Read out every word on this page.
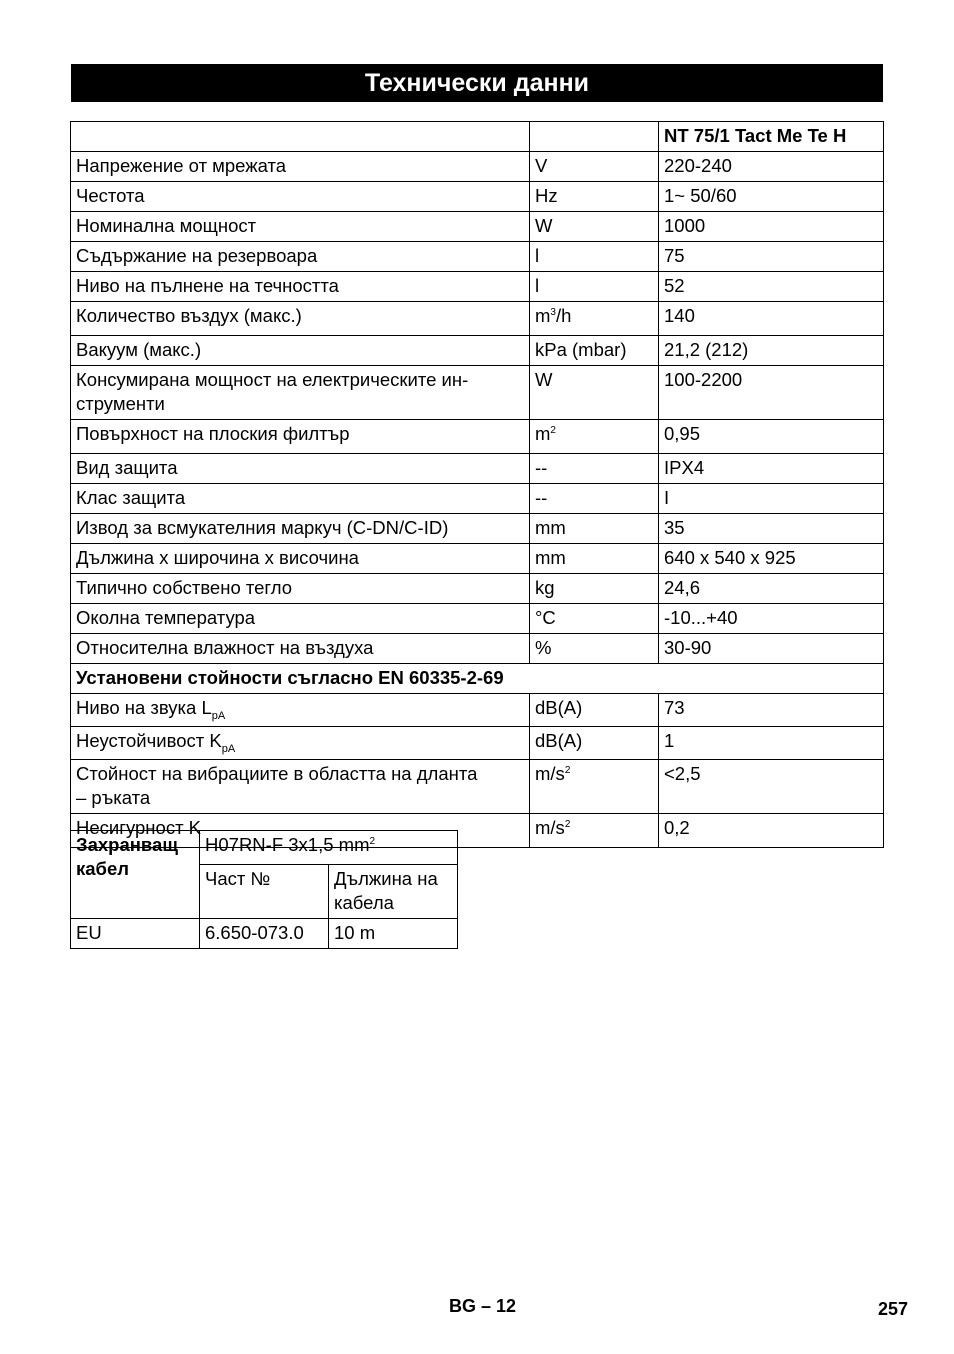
Технически данни
		NT 75/1 Tact Me Te H
Напрежение от мрежата	V	220-240
Честота	Hz	1~ 50/60
Номинална мощност	W	1000
Съдържание на резервоара	l	75
Ниво на пълнене на течността	l	52
Количество въздух (макс.)	$m^3/h$	140
Вакуум (макс.)	kPa (mbar)	21,2 (212)
Консумирана мощност на електрическите ин-
струменти	W	100-2200
Повърхност на плоския филтър	$m^2$	0,95
Вид защита	--	IPX4
Клас защита	--	I
Извод за всмукателния маркуч (C-DN/C-ID)	mm	35
Дължина x широчина x височина	mm	640 x 540 x 925
Типично собствено тегло	kg	24,6
Околна температура	°C	-10...+40
Относителна влажност на въздуха	%	30-90
Установени стойности съгласно EN 60335-2-69		
Ниво на звука $L_{pA}$	dB(A)	73
Неустойчивост $K_{pA}$	dB(A)	1
Стойност на вибрациите в областта на дланта
– ръката	$m/s^2$	<2,5
Несигурност K	$m/s^2$	0,2
Захранващ
кабел	H07RN-F 3x1,5 $mm^2$
	Част №	Дължина на
кабела
EU	6.650-073.0	10 m
BG – 12	257
